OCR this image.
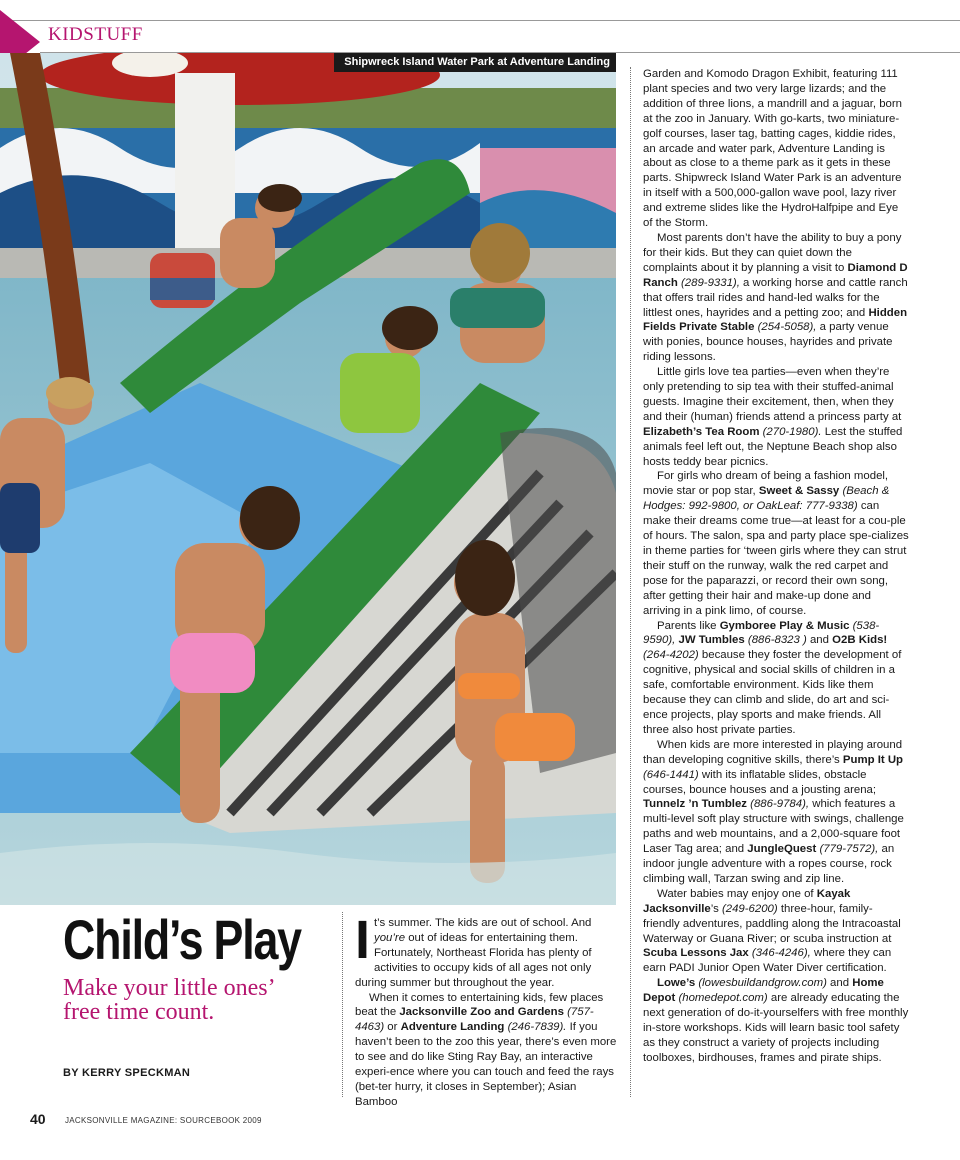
KIDSTUFF
Shipwreck Island Water Park at Adventure Landing
Child’s Play
Make your little ones’ free time count.
BY KERRY SPECKMAN
40 JACKSONVILLE MAGAZINE: SOURCEBOOK 2009

It’s summer. The kids are out of school. And you’re out of ideas for entertaining them. Fortunately, Northeast Florida has plenty of activities to occupy kids of all ages not only during summer but throughout the year.

When it comes to entertaining kids, few places beat the Jacksonville Zoo and Gardens (757-4463) or Adventure Landing (246-7839). If you haven’t been to the zoo this year, there’s even more to see and do like Sting Ray Bay, an interactive experi-ence where you can touch and feed the rays (bet-ter hurry, it closes in September); Asian Bamboo

Garden and Komodo Dragon Exhibit, featuring 111 plant species and two very large lizards; and the addition of three lions, a mandrill and a jaguar, born at the zoo in January. With go-karts, two miniature-golf courses, laser tag, batting cages, kiddie rides, an arcade and water park, Adventure Landing is about as close to a theme park as it gets in these parts. Shipwreck Island Water Park is an adventure in itself with a 500,000-gallon wave pool, lazy river and extreme slides like the HydroHalfpipe and Eye of the Storm.

Most parents don’t have the ability to buy a pony for their kids. But they can quiet down the complaints about it by planning a visit to Diamond D Ranch (289-9331), a working horse and cattle ranch that offers trail rides and hand-led walks for the littlest ones, hayrides and a petting zoo; and Hidden Fields Private Stable (254-5058), a party venue with ponies, bounce houses, hayrides and private riding lessons.

Little girls love tea parties—even when they’re only pretending to sip tea with their stuffed-animal guests. Imagine their excitement, then, when they and their (human) friends attend a princess party at Elizabeth’s Tea Room (270-1980). Lest the stuffed animals feel left out, the Neptune Beach shop also hosts teddy bear picnics.

For girls who dream of being a fashion model, movie star or pop star, Sweet & Sassy (Beach & Hodges: 992-9800, or OakLeaf: 777-9338) can make their dreams come true—at least for a cou-ple of hours. The salon, spa and party place spe-cializes in theme parties for ‘tween girls where they can strut their stuff on the runway, walk the red carpet and pose for the paparazzi, or record their own song, after getting their hair and make-up done and arriving in a pink limo, of course.

Parents like Gymboree Play & Music (538-9590), JW Tumbles (886-8323 ) and O2B Kids! (264-4202) because they foster the development of cognitive, physical and social skills of children in a safe, comfortable environment. Kids like them because they can climb and slide, do art and sci-ence projects, play sports and make friends. All three also host private parties.

When kids are more interested in playing around than developing cognitive skills, there’s Pump It Up (646-1441) with its inflatable slides, obstacle courses, bounce houses and a jousting arena; Tunnelz ’n Tumblez (886-9784), which features a multi-level soft play structure with swings, challenge paths and web mountains, and a 2,000-square foot Laser Tag area; and JungleQuest (779-7572), an indoor jungle adventure with a ropes course, rock climbing wall, Tarzan swing and zip line.

Water babies may enjoy one of Kayak Jacksonville’s (249-6200) three-hour, family-friendly adventures, paddling along the Intracoastal Waterway or Guana River; or scuba instruction at Scuba Lessons Jax (346-4246), where they can earn PADI Junior Open Water Diver certification.

Lowe’s (lowesbuildandgrow.com) and Home Depot (homedepot.com) are already educating the next generation of do-it-yourselfers with free monthly in-store workshops. Kids will learn basic tool safety as they construct a variety of projects including toolboxes, birdhouses, frames and pirate ships.
